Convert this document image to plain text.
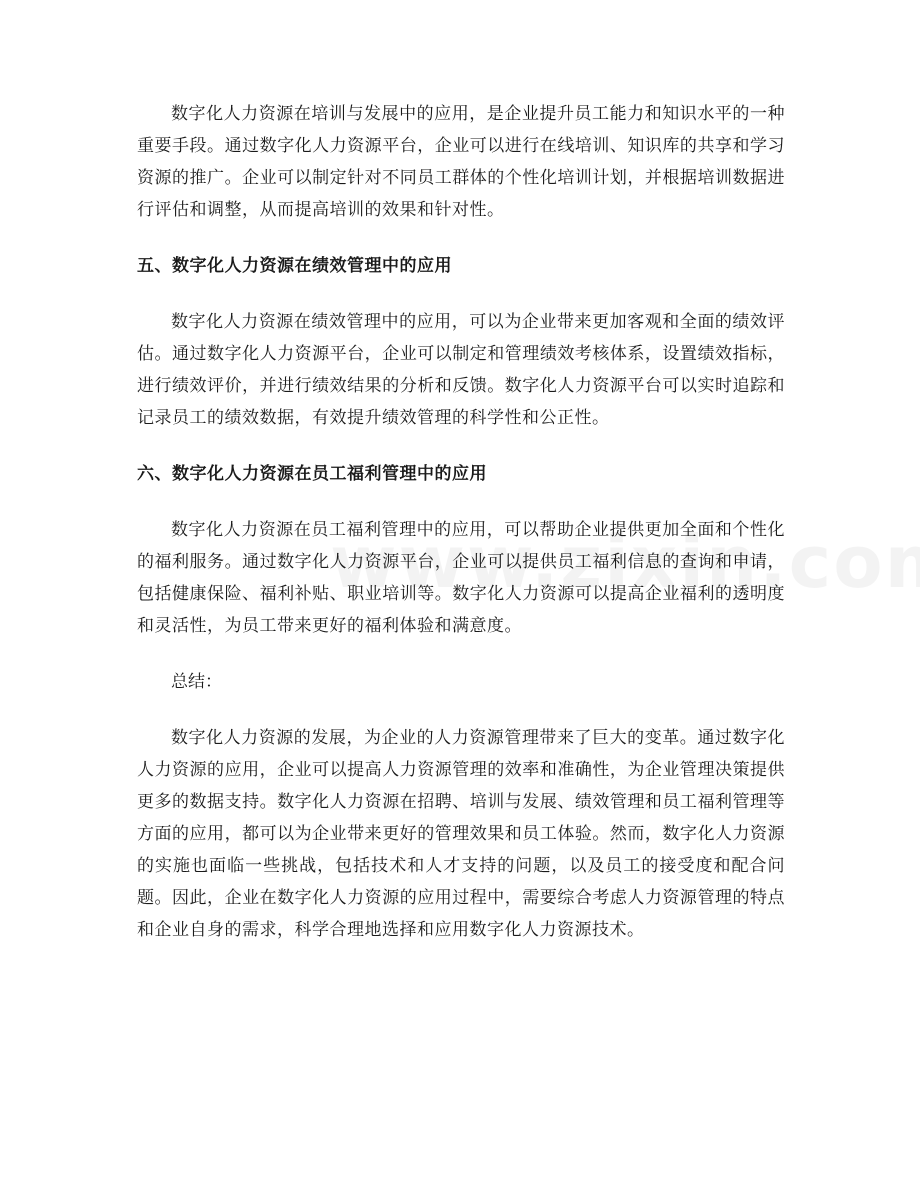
数字化人力资源在培训与发展中的应用，是企业提升员工能力和知识水平的一种重要手段。通过数字化人力资源平台，企业可以进行在线培训、知识库的共享和学习资源的推广。企业可以制定针对不同员工群体的个性化培训计划，并根据培训数据进行评估和调整，从而提高培训的效果和针对性。

五、数字化人力资源在绩效管理中的应用

数字化人力资源在绩效管理中的应用，可以为企业带来更加客观和全面的绩效评估。通过数字化人力资源平台，企业可以制定和管理绩效考核体系，设置绩效指标，进行绩效评价，并进行绩效结果的分析和反馈。数字化人力资源平台可以实时追踪和记录员工的绩效数据，有效提升绩效管理的科学性和公正性。

六、数字化人力资源在员工福利管理中的应用

数字化人力资源在员工福利管理中的应用，可以帮助企业提供更加全面和个性化的福利服务。通过数字化人力资源平台，企业可以提供员工福利信息的查询和申请，包括健康保险、福利补贴、职业培训等。数字化人力资源可以提高企业福利的透明度和灵活性，为员工带来更好的福利体验和满意度。

总结：

数字化人力资源的发展，为企业的人力资源管理带来了巨大的变革。通过数字化人力资源的应用，企业可以提高人力资源管理的效率和准确性，为企业管理决策提供更多的数据支持。数字化人力资源在招聘、培训与发展、绩效管理和员工福利管理等方面的应用，都可以为企业带来更好的管理效果和员工体验。然而，数字化人力资源的实施也面临一些挑战，包括技术和人才支持的问题，以及员工的接受度和配合问题。因此，企业在数字化人力资源的应用过程中，需要综合考虑人力资源管理的特点和企业自身的需求，科学合理地选择和应用数字化人力资源技术。
